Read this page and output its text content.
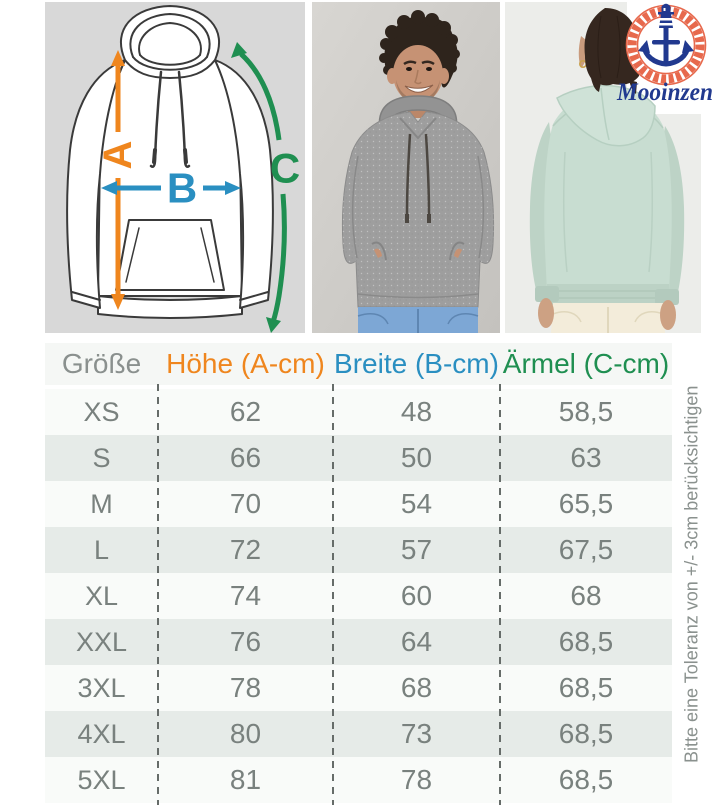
A
B C
Mooinzen
Größe Höhe (A-cm) Breite (B-cm) Ärmel (C-cm)
XS	62	48	58,5
S	66	50	63
M	70	54	65,5
L	72	57	67,5
XL	74	60	68
XXL	76	64	68,5
3XL	78	68	68,5
4XL	80	73	68,5
5XL	81	78	68,5
Bitte eine Toleranz von +/- 3cm berücksichtigen
